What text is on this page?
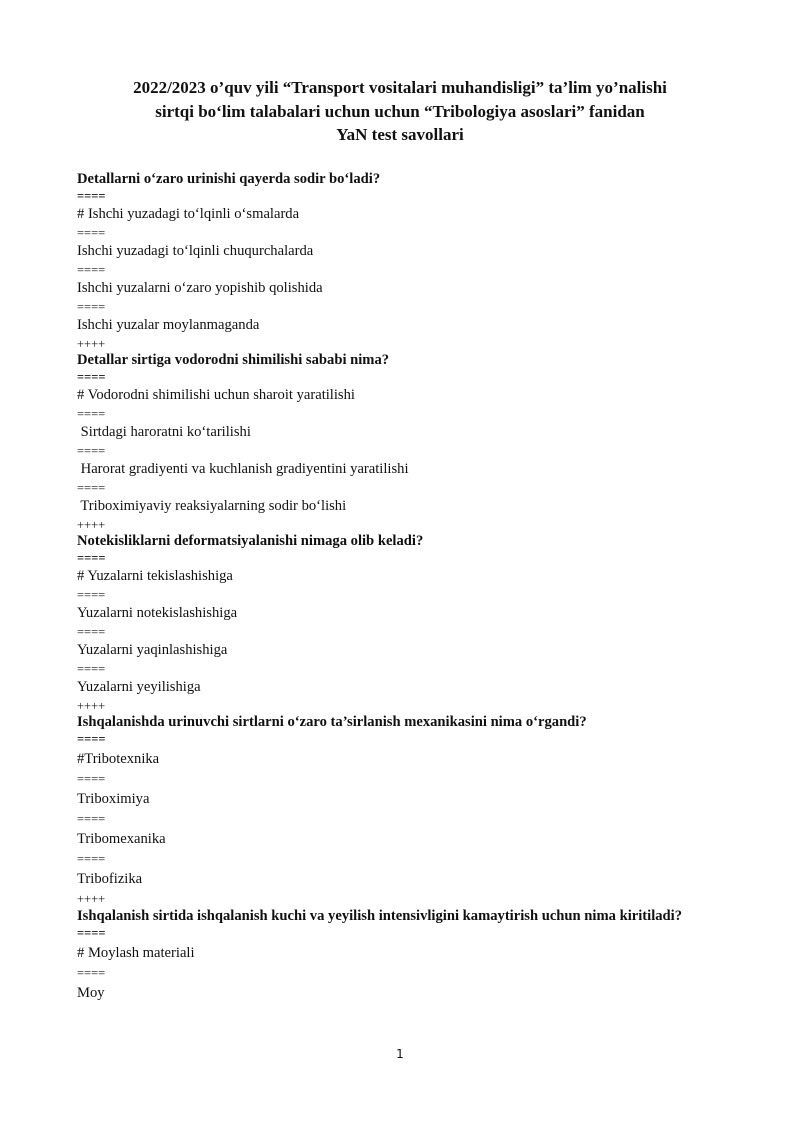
2022/2023 o’quv yili “Transport vositalari muhandisligi” ta’lim yo’nalishi
sirtqi bo‘lim talabalari uchun uchun “Tribologiya asoslari” fanidan
YaN test savollari

Detallarni o‘zaro urinishi qayerda sodir bo‘ladi?

====
# Ishchi yuzadagi to‘lqinli o‘smalarda
====
Ishchi yuzadagi to‘lqinli chuqurchalarda
====
Ishchi yuzalarni o‘zaro yopishib qolishida
====
Ishchi yuzalar moylanmaganda
++++

Detallar sirtiga vodorodni shimilishi sababi nima?

====
# Vodorodni shimilishi uchun sharoit yaratilishi
====
Sirtdagi haroratni ko‘tarilishi
====
Harorat gradiyenti va kuchlanish gradiyentini yaratilishi
====
Triboximiyaviy reaksiyalarning sodir bo‘lishi
++++

Notekisliklarni deformatsiyalanishi nimaga olib keladi?

====
# Yuzalarni tekislashishiga
====
Yuzalarni notekislashishiga
====
Yuzalarni yaqinlashishiga
====
Yuzalarni yeyilishiga
++++

Ishqalanishda urinuvchi sirtlarni o‘zaro ta’sirlanish mexanikasini nima o‘rgandi?

====
#Tribotexnika
====
Triboximiya
====
Tribomexanika
====
Tribofizika
++++

Ishqalanish sirtida ishqalanish kuchi va yeyilish intensivligini kamaytirish uchun nima kiritiladi?

====
# Moylash materiali
====
Moy
1
